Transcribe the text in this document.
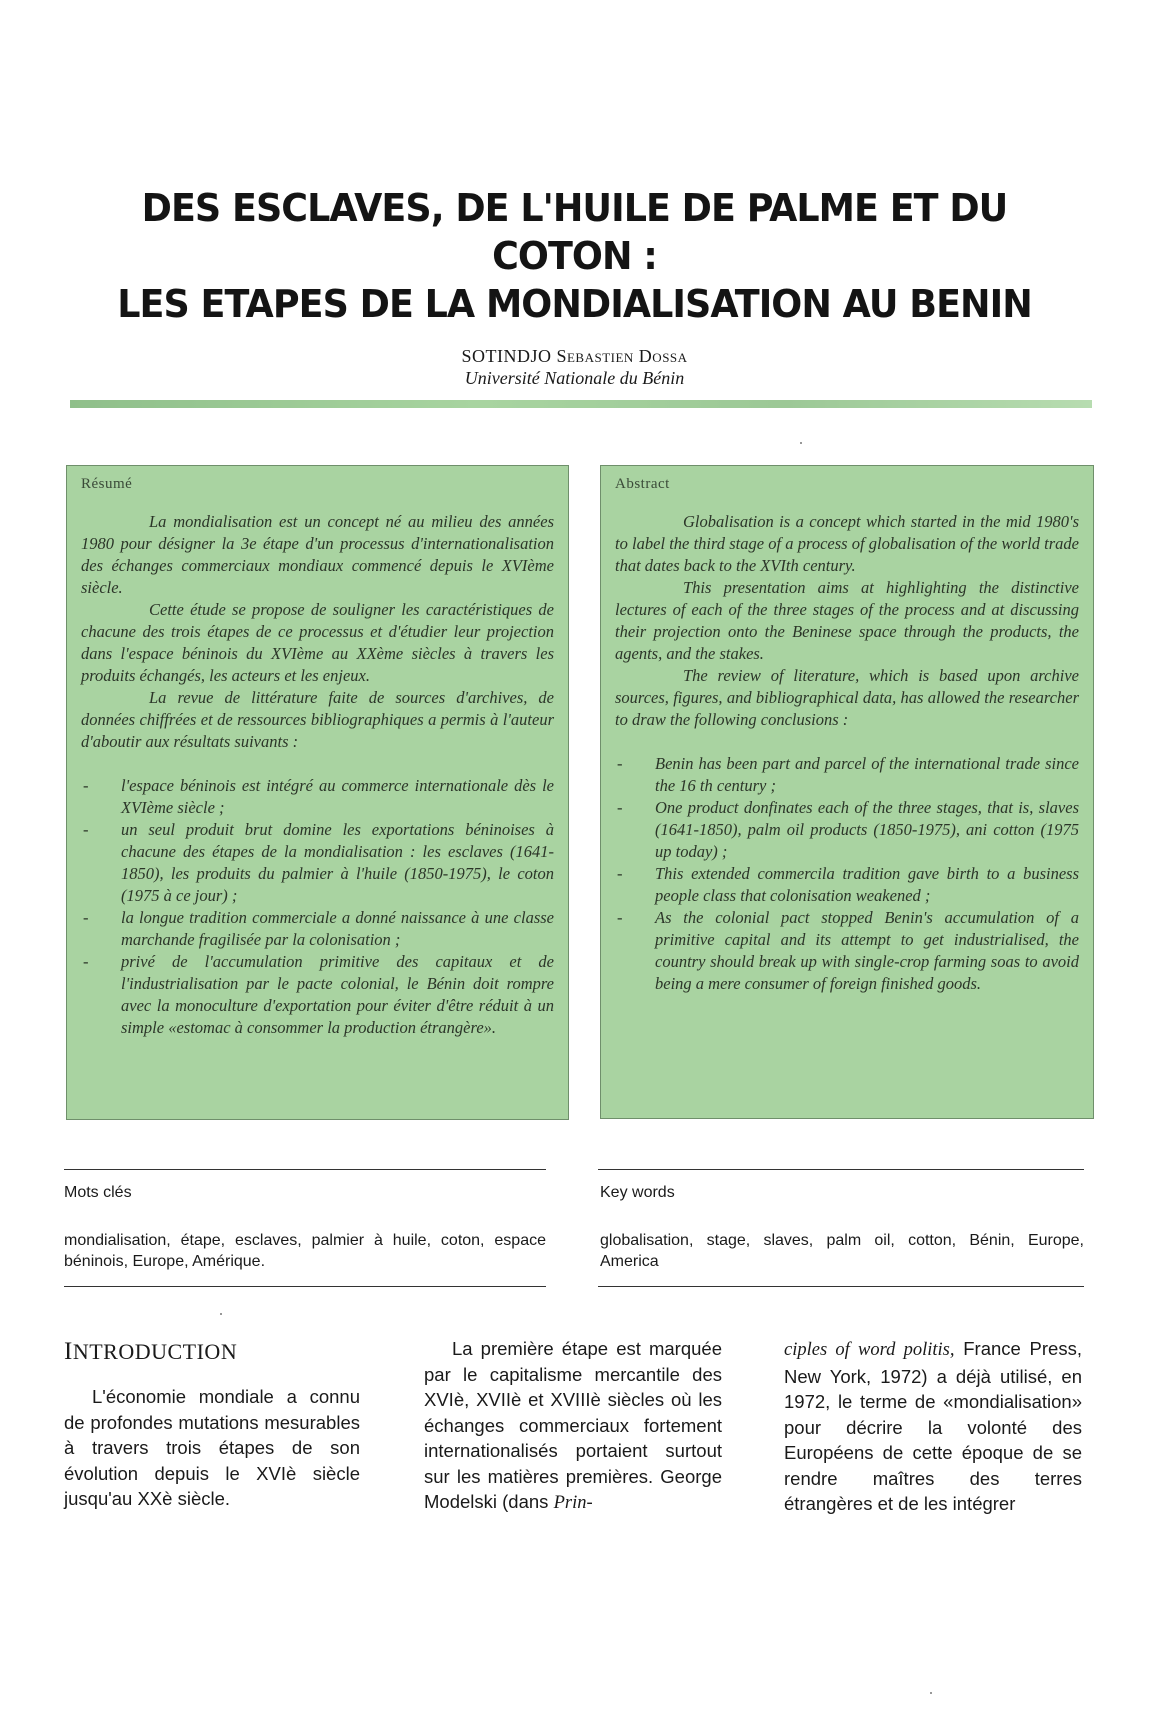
DES ESCLAVES, DE L'HUILE DE PALME ET DU COTON :
LES ETAPES DE LA MONDIALISATION AU BENIN
SOTINDJO Sebastien Dossa
Université Nationale du Bénin
Résumé

La mondialisation est un concept né au milieu des années 1980 pour désigner la 3e étape d'un processus d'internationalisation des échanges commerciaux mondiaux commencé depuis le XVIème siècle.

Cette étude se propose de souligner les caractéristiques de chacune des trois étapes de ce processus et d'étudier leur projection dans l'espace béninois du XVIème au XXème siècles à travers les produits échangés, les acteurs et les enjeux.

La revue de littérature faite de sources d'archives, de données chiffrées et de ressources bibliographiques a permis à l'auteur d'aboutir aux résultats suivants :

- l'espace béninois est intégré au commerce internationale dès le XVIème siècle ;
- un seul produit brut domine les exportations béninoises à chacune des étapes de la mondialisation : les esclaves (1641-1850), les produits du palmier à l'huile (1850-1975), le coton (1975 à ce jour) ;
- la longue tradition commerciale a donné naissance à une classe marchande fragilisée par la colonisation ;
- privé de l'accumulation primitive des capitaux et de l'industrialisation par le pacte colonial, le Bénin doit rompre avec la monoculture d'exportation pour éviter d'être réduit à un simple «estomac à consommer la production étrangère».
Abstract

Globalisation is a concept which started in the mid 1980's to label the third stage of a process of globalisation of the world trade that dates back to the XVIth century.

This presentation aims at highlighting the distinctive lectures of each of the three stages of the process and at discussing their projection onto the Beninese space through the products, the agents, and the stakes.

The review of literature, which is based upon archive sources, figures, and bibliographical data, has allowed the researcher to draw the following conclusions :

- Benin has been part and parcel of the international trade since the 16 th century ;
- One product donfinates each of the three stages, that is, slaves (1641-1850), palm oil products (1850-1975), ani cotton (1975 up today) ;
- This extended commercila tradition gave birth to a business people class that colonisation weakened ;
- As the colonial pact stopped Benin's accumulation of a primitive capital and its attempt to get industrialised, the country should break up with single-crop farming soas to avoid being a mere consumer of foreign finished goods.
Mots clés
mondialisation, étape, esclaves, palmier à huile, coton, espace béninois, Europe, Amérique.
Key words
globalisation, stage, slaves, palm oil, cotton, Bénin, Europe, America
INTRODUCTION
L'économie mondiale a connu de profondes mutations mesurables à travers trois étapes de son évolution depuis le XVIè siècle jusqu'au XXè siècle.
La première étape est marquée par le capitalisme mercantile des XVIè, XVIIè et XVIIIè siècles où les échanges commerciaux fortement internationalisés portaient surtout sur les matières premières. George Modelski (dans Prin-
ciples of word politis, France Press, New York, 1972) a déjà utilisé, en 1972, le terme de «mondialisation» pour décrire la volonté des Européens de cette époque de se rendre maîtres des terres étrangères et de les intégrer
